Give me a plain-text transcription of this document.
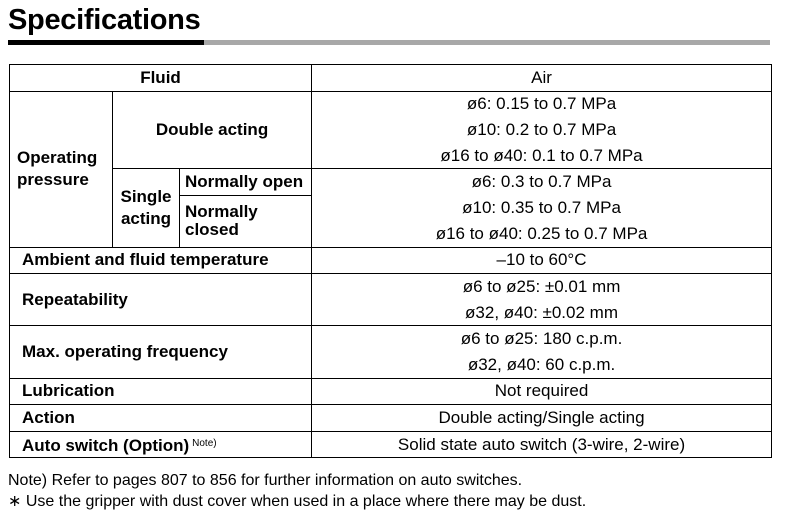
Specifications
Fluid			Air
Operating pressure	Double acting		ø6: 0.15 to 0.7 MPa
			ø10: 0.2 to 0.7 MPa
			ø16 to ø40: 0.1 to 0.7 MPa
	Single acting	Normally open	ø6: 0.3 to 0.7 MPa
		Normally closed	ø10: 0.35 to 0.7 MPa
			ø16 to ø40: 0.25 to 0.7 MPa
Ambient and fluid temperature			–10 to 60°C
Repeatability			ø6 to ø25: ±0.01 mm
			ø32, ø40: ±0.02 mm
Max. operating frequency			ø6 to ø25: 180 c.p.m.
			ø32, ø40: 60 c.p.m.
Lubrication			Not required
Action			Double acting/Single acting
Auto switch (Option) $^{Note)}$			Solid state auto switch (3-wire, 2-wire)
Note) Refer to pages 807 to 856 for further information on auto switches.
∗ Use the gripper with dust cover when used in a place where there may be dust.
